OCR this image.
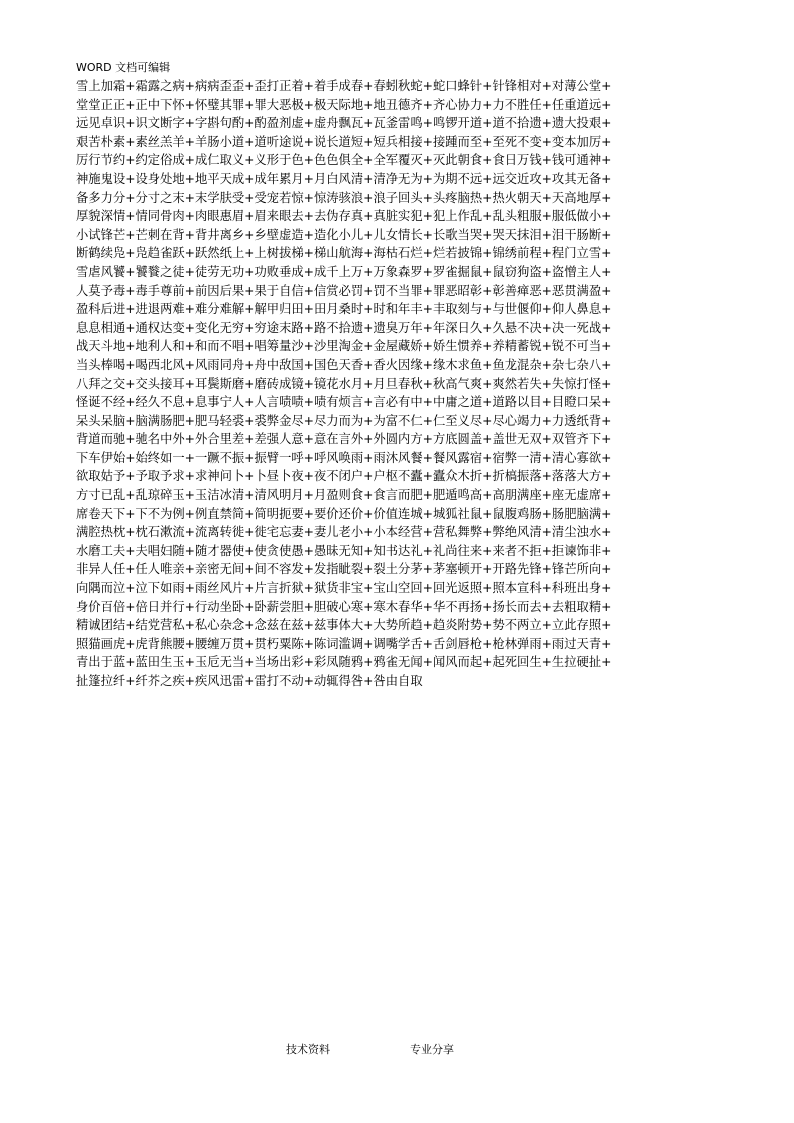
WORD 文档可编辑
雪上加霜+霜露之病+病病歪歪+歪打正着+着手成春+春蚓秋蛇+蛇口蜂针+针锋相对+对薄公堂+
堂堂正正+正中下怀+怀璧其罪+罪大恶极+极天际地+地丑德齐+齐心协力+力不胜任+任重道远+
远见卓识+识文断字+字斟句酌+酌盈剂虚+虚舟飘瓦+瓦釜雷鸣+鸣锣开道+道不拾遗+遗大投艰+
艰苦朴素+素丝羔羊+羊肠小道+道听途说+说长道短+短兵相接+接踵而至+至死不变+变本加厉+
厉行节约+约定俗成+成仁取义+义形于色+色色俱全+全军覆灭+灭此朝食+食日万钱+钱可通神+
神施鬼设+设身处地+地平天成+成年累月+月白风清+清净无为+为期不远+远交近攻+攻其无备+
备多力分+分寸之末+末学肤受+受宠若惊+惊涛骇浪+浪子回头+头疼脑热+热火朝天+天高地厚+
厚貌深情+情同骨肉+肉眼惠眉+眉来眼去+去伪存真+真脏实犯+犯上作乱+乱头粗服+服低做小+
小试锋芒+芒刺在背+背井离乡+乡壁虚造+造化小儿+儿女情长+长歌当哭+哭天抹泪+泪干肠断+
断鹤续凫+凫趋雀跃+跃然纸上+上树拔梯+梯山航海+海枯石烂+烂若披锦+锦绣前程+程门立雪+
雪虐风饕+饕餮之徒+徒劳无功+功败垂成+成千上万+万象森罗+罗雀掘鼠+鼠窃狗盗+盗憎主人+
人莫予毒+毒手尊前+前因后果+果于自信+信赏必罚+罚不当罪+罪恶昭彰+彰善瘅恶+恶贯满盈+
盈科后进+进退两难+难分难解+解甲归田+田月桑时+时和年丰+丰取刻与+与世偃仰+仰人鼻息+
息息相通+通权达变+变化无穷+穷途末路+路不拾遗+遗臭万年+年深日久+久悬不决+决一死战+
战天斗地+地利人和+和而不唱+唱筹量沙+沙里淘金+金屋藏娇+娇生惯养+养精蓄锐+锐不可当+
当头棒喝+喝西北风+风雨同舟+舟中敌国+国色天香+香火因缘+缘木求鱼+鱼龙混杂+杂七杂八+
八拜之交+交头接耳+耳鬓斯磨+磨砖成镜+镜花水月+月旦春秋+秋高气爽+爽然若失+失惊打怪+
怪诞不经+经久不息+息事宁人+人言啧啧+啧有烦言+言必有中+中庸之道+道路以目+目瞪口呆+
呆头呆脑+脑满肠肥+肥马轻裘+裘弊金尽+尽力而为+为富不仁+仁至义尽+尽心竭力+力透纸背+
背道而驰+驰名中外+外合里差+差强人意+意在言外+外圆内方+方底圆盖+盖世无双+双管齐下+
下车伊始+始终如一+一蹶不振+振臂一呼+呼风唤雨+雨沐风餐+餐风露宿+宿弊一清+清心寡欲+
欲取姑予+予取予求+求神问卜+卜昼卜夜+夜不闭户+户枢不蠹+蠹众木折+折槁振落+落落大方+
方寸已乱+乱琼碎玉+玉洁冰清+清风明月+月盈则食+食言而肥+肥遁鸣高+高朋满座+座无虚席+
席卷天下+下不为例+例直禁简+简明扼要+要价还价+价值连城+城狐社鼠+鼠腹鸡肠+肠肥脑满+
满腔热枕+枕石漱流+流离转徙+徙宅忘妻+妻儿老小+小本经营+营私舞弊+弊绝风清+清尘浊水+
水磨工夫+夫唱妇随+随才器使+使贪使愚+愚昧无知+知书达礼+礼尚往来+来者不拒+拒谏饰非+
非异人任+任人唯亲+亲密无间+间不容发+发指眦裂+裂土分茅+茅塞顿开+开路先锋+锋芒所向+
向隅而泣+泣下如雨+雨丝风片+片言折狱+狱货非宝+宝山空回+回光返照+照本宣科+科班出身+
身价百倍+倍日并行+行动坐卧+卧薪尝胆+胆破心寒+寒木春华+华不再扬+扬长而去+去粗取精+
精诚团结+结党营私+私心杂念+念兹在兹+兹事体大+大势所趋+趋炎附势+势不两立+立此存照+
照猫画虎+虎背熊腰+腰缠万贯+贯朽粟陈+陈词滥调+调嘴学舌+舌剑唇枪+枪林弹雨+雨过天青+
青出于蓝+蓝田生玉+玉卮无当+当场出彩+彩凤随鸦+鸦雀无闻+闻风而起+起死回生+生拉硬扯+
扯篷拉纤+纤芥之疾+疾风迅雷+雷打不动+动辄得咎+咎由自取
技术资料	专业分享
